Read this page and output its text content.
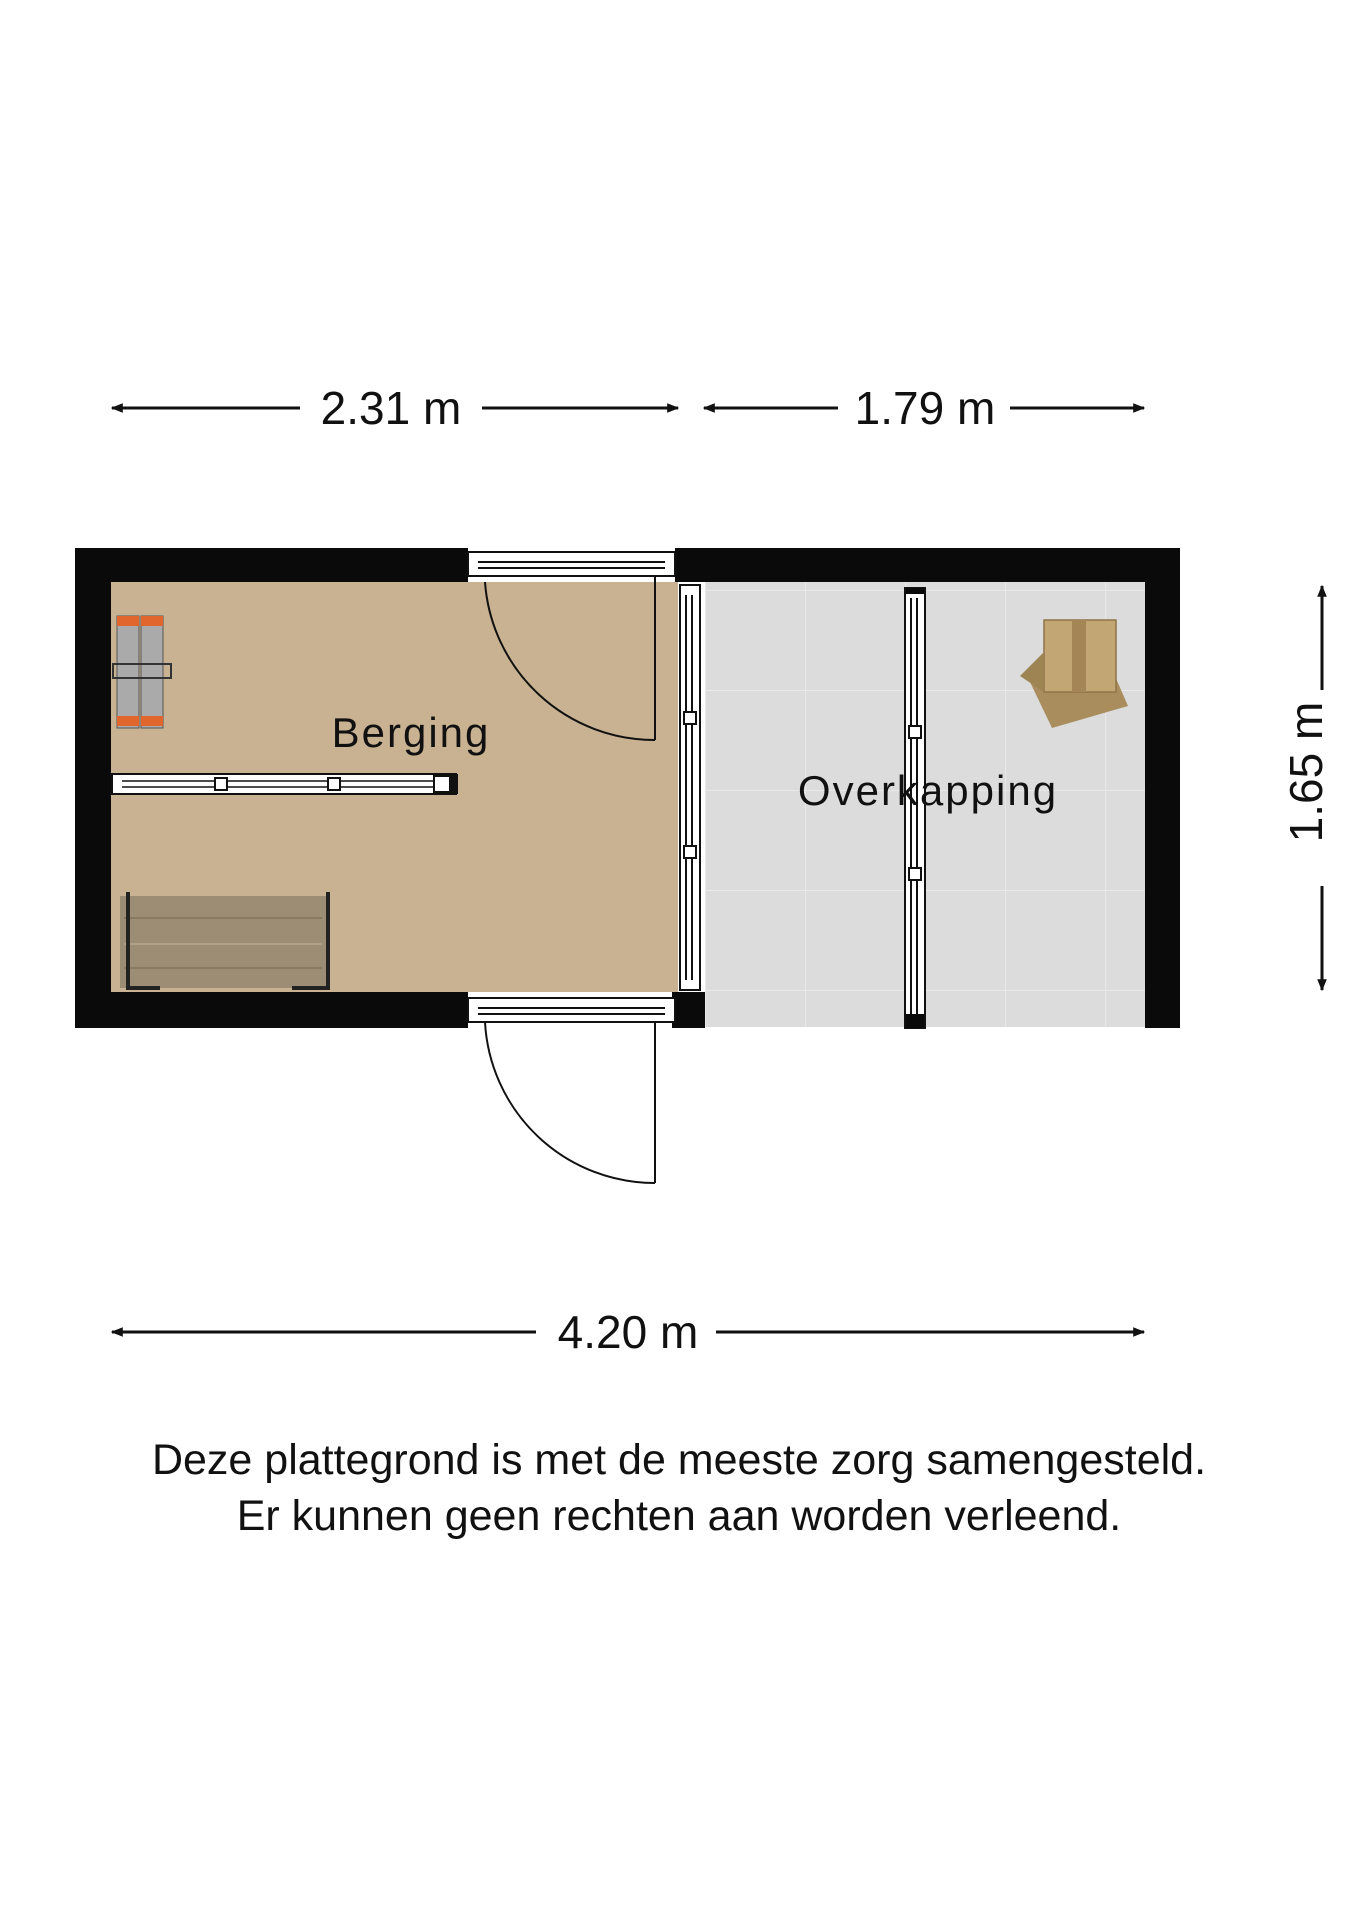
2.31 m	1.79 m
1.65 m
Berging
Overkapping
4.20 m
Deze plattegrond is met de meeste zorg samengesteld.
Er kunnen geen rechten aan worden verleend.
